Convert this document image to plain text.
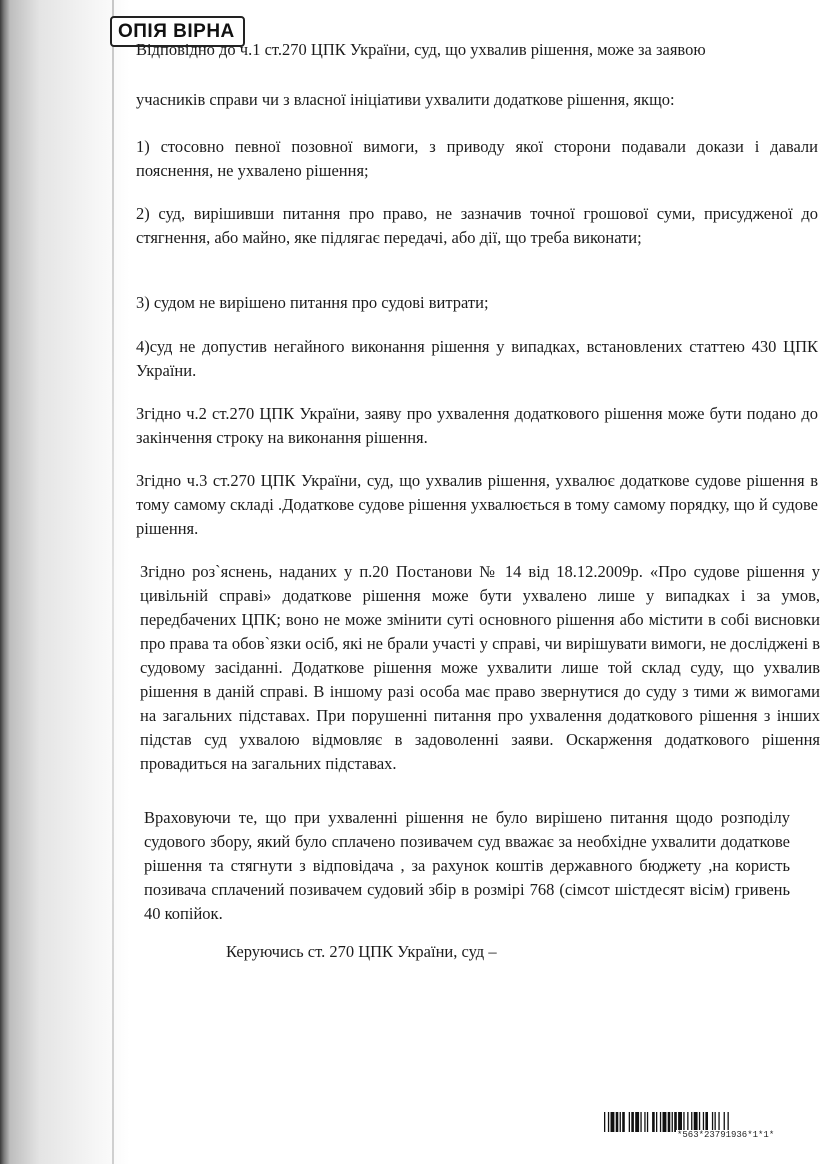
ОПІЯ ВІРНА
Відповідно до ч.1 ст.270 ЦПК України, суд, що ухвалив рішення, може за заявою
учасників справи чи з власної ініціативи ухвалити додаткове рішення, якщо:

1) стосовно певної позовної вимоги, з приводу якої сторони подавали докази і давали пояснення, не ухвалено рішення;

2) суд, вирішивши питання про право, не зазначив точної грошової суми, присудженої до стягнення, або майно, яке підлягає передачі, або дії, що треба виконати;

3) судом не вирішено питання про судові витрати;

4)суд не допустив негайного виконання рішення у випадках, встановлених статтею 430 ЦПК України.

Згідно ч.2 ст.270 ЦПК України, заяву про ухвалення додаткового рішення може бути подано до закінчення строку на виконання рішення.

Згідно ч.3 ст.270 ЦПК України, суд, що ухвалив рішення, ухвалює додаткове судове рішення в тому самому складі .Додаткове судове рішення ухвалюється в тому самому порядку, що й судове рішення.

Згідно роз`яснень, наданих у п.20 Постанови № 14 від 18.12.2009р. «Про судове рішення у цивільній справі» додаткове рішення може бути ухвалено лише у випадках і за умов, передбачених ЦПК; воно не може змінити суті основного рішення або містити в собі висновки про права та обов`язки осіб, які не брали участі у справі, чи вирішувати вимоги, не досліджені в судовому засіданні. Додаткове рішення може ухвалити лише той склад суду, що ухвалив рішення в даній справі. В іншому разі особа має право звернутися до суду з тими ж вимогами на загальних підставах. При порушенні питання про ухвалення додаткового рішення з інших підстав суд ухвалою відмовляє в задоволенні заяви. Оскарження додаткового рішення провадиться на загальних підставах.

Враховуючи те, що при ухваленні рішення не було вирішено питання щодо розподілу судового збору, який було сплачено позивачем суд вважає за необхідне ухвалити додаткове рішення та стягнути з відповідача , за рахунок коштів державного бюджету ,на користь позивача сплачений позивачем судовий збір в розмірі 768 (сімсот шістдесят вісім) гривень 40 копійок.

Керуючись ст. 270 ЦПК України, суд –
*563*23791936*1*1*
